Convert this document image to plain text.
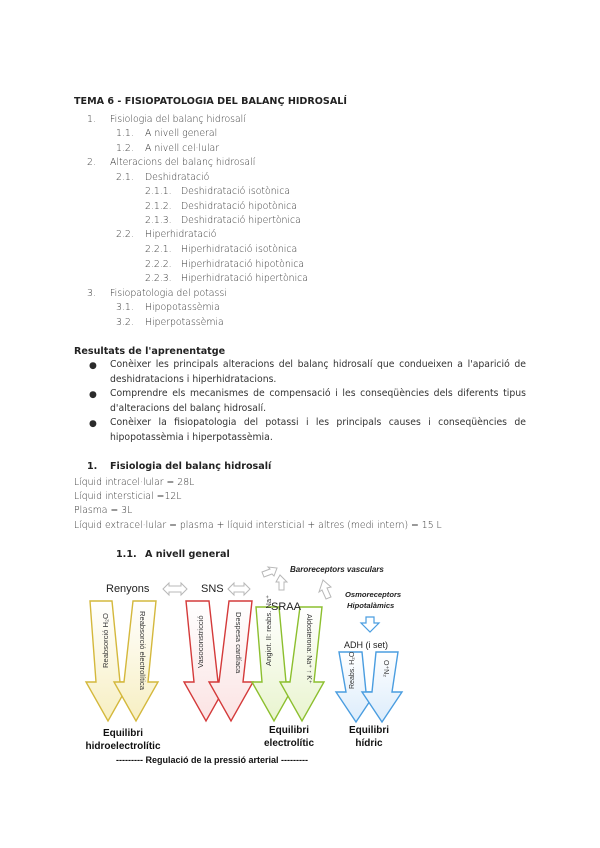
TEMA 6 - FISIOPATOLOGIA DEL BALANÇ HIDROSALÍ
1. Fisiologia del balanç hidrosalí
1.1. A nivell general
1.2. A nivell cel·lular
2. Alteracions del balanç hidrosalí
2.1. Deshidratació
2.1.1. Deshidratació isotònica
2.1.2. Deshidratació hipotònica
2.1.3. Deshidratació hipertònica
2.2. Hiperhidratació
2.2.1. Hiperhidratació isotònica
2.2.2. Hiperhidratació hipotònica
2.2.3. Hiperhidratació hipertònica
3. Fisiopatologia del potassi
3.1. Hipopotassèmia
3.2. Hiperpotassèmia
Resultats de l'aprenentatge
● Conèixer les principals alteracions del balanç hidrosalí que condueixen a l'aparició de deshidratacions i hiperhidratacions.
● Comprendre els mecanismes de compensació i les conseqüències dels diferents tipus d'alteracions del balanç hidrosalí.
● Conèixer la fisiopatologia del potassi i les principals causes i conseqüències de hipopotassèmia i hiperpotassèmia.
1. Fisiologia del balanç hidrosalí
Líquid intracel·lular = 28L
Líquid intersticial =12L
Plasma = 3L
Líquid extracel·lular = plasma + líquid intersticial + altres (medi intern) = 15 L
1.1. A nivell general
Reabsorció H₂O	Reabsorció electrolítica	Vasoconstricció	Despesa cardíaca	Angiot. II: reabs. Na⁺	Aldosterona: Na⁺ ↑ K⁺	Reabs. H₂O	O⁺N₂
Renyons	SNS
SRAA
Baroreceptors vasculars
Osmoreceptors
Hipotalàmics
ADH (i set)
Equilibri
hidroelectrolític
Equilibri
electrolític
Equilibri
hídric
--------- Regulació de la pressió arterial ---------
